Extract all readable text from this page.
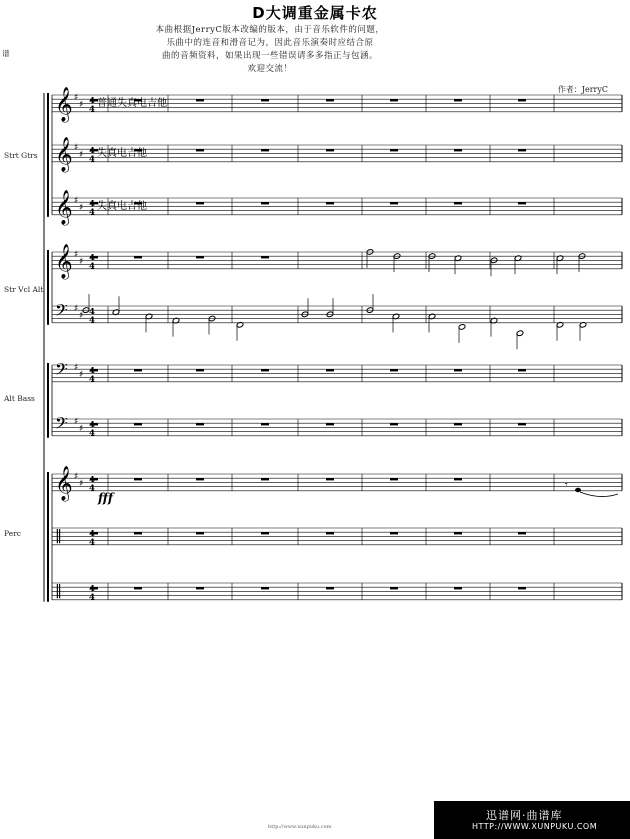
D大调重金属卡农
本曲根据JerryC版本改编的版本，由于音乐软件的问题，
乐曲中的连音和滑音记为，因此音乐演奏时应结合原
曲的音频资料，如果出现一些错误请多多指正与包涵。
欢迎交流！
谱
作者：JerryC
𝄞 ♯
♯ 4
𝄞 ♯
♯ 4
𝄞 ♯
♯ 4
𝄞 ♯
♯ 4
𝄢 ♯
♯ 4
4
𝄢 ♯
♯ 4
𝄢 ♯
♯ 4
𝄞 ♯
♯ 4
‖	4
‖	4
𝄾
普通失真电吉他
失真电吉他
失真电吉他
Strt Gtrs
Str Vcl Alt
Alt Bass
Perc
fff
http://www.xunpuku.com
迅谱网·曲谱库
HTTP://WWW.XUNPUKU.COM
